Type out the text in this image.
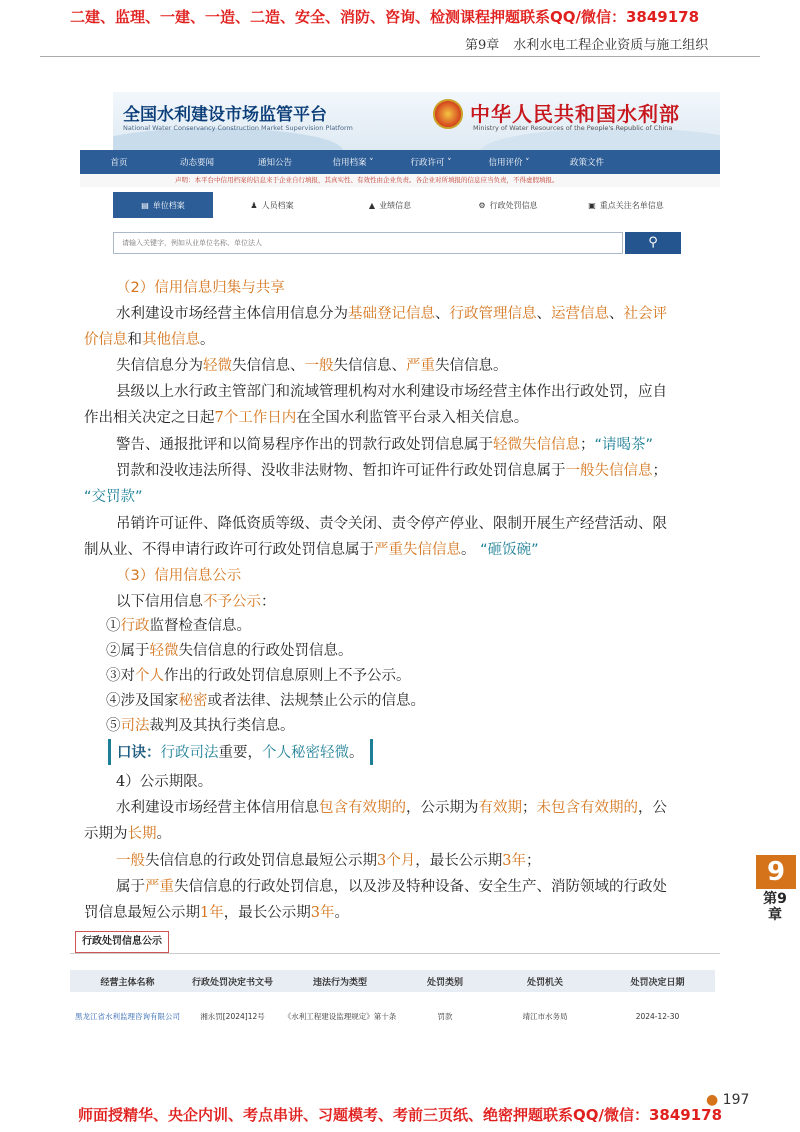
二建、监理、一建、一造、二造、安全、消防、咨询、检测课程押题联系QQ/微信：3849178
第9章 水利水电工程企业资质与施工组织
全国水利建设市场监管平台
National Water Conservancy Construction Market Supervision Platform
中华人民共和国水利部
Ministry of Water Resources of the People's Republic of China
首页	动态要闻	通知公告	信用档案 ˅	行政许可 ˅	信用评价 ˅	政策文件
声明：本平台中信用档案的信息来于企业自行填报，其真实性、有效性由企业负责。各企业对所填报的信息应当负责，不得虚假填报。
▤ 单位档案	♟ 人员档案	▲ 业绩信息	⚙ 行政处罚信息	▣ 重点关注名单信息
请输入关键字，例如从业单位名称、单位法人	⚲
（2）信用信息归集与共享
水利建设市场经营主体信用信息分为基础登记信息、行政管理信息、运营信息、社会评
价信息和其他信息。
失信信息分为轻微失信信息、一般失信信息、严重失信信息。
县级以上水行政主管部门和流域管理机构对水利建设市场经营主体作出行政处罚，应自
作出相关决定之日起7个工作日内在全国水利监管平台录入相关信息。
警告、通报批评和以简易程序作出的罚款行政处罚信息属于轻微失信信息；“请喝茶”
罚款和没收违法所得、没收非法财物、暂扣许可证件行政处罚信息属于一般失信信息；
“交罚款”
吊销许可证件、降低资质等级、责令关闭、责令停产停业、限制开展生产经营活动、限
制从业、不得申请行政许可行政处罚信息属于严重失信信息。 “砸饭碗”
（3）信用信息公示
以下信用信息不予公示：
①行政监督检查信息。
②属于轻微失信信息的行政处罚信息。
③对个人作出的行政处罚信息原则上不予公示。
④涉及国家秘密或者法律、法规禁止公示的信息。
⑤司法裁判及其执行类信息。
口诀：行政司法重要，个人秘密轻微。
4）公示期限。
水利建设市场经营主体信用信息包含有效期的，公示期为有效期；未包含有效期的，公
示期为长期。
一般失信信息的行政处罚信息最短公示期3个月，最长公示期3年；
属于严重失信信息的行政处罚信息，以及涉及特种设备、安全生产、消防领域的行政处
罚信息最短公示期1年，最长公示期3年。
9
第9章
行政处罚信息公示
经营主体名称	行政处罚决定书文号	违法行为类型	处罚类别	处罚机关	处罚决定日期
黑龙江省水利监理咨询有限公司	湘永罚[2024]12号	《水利工程建设监理规定》第十条	罚款	靖江市水务局	2024-12-30
● 197
师面授精华、央企内训、考点串讲、习题模考、考前三页纸、绝密押题联系QQ/微信：3849178
